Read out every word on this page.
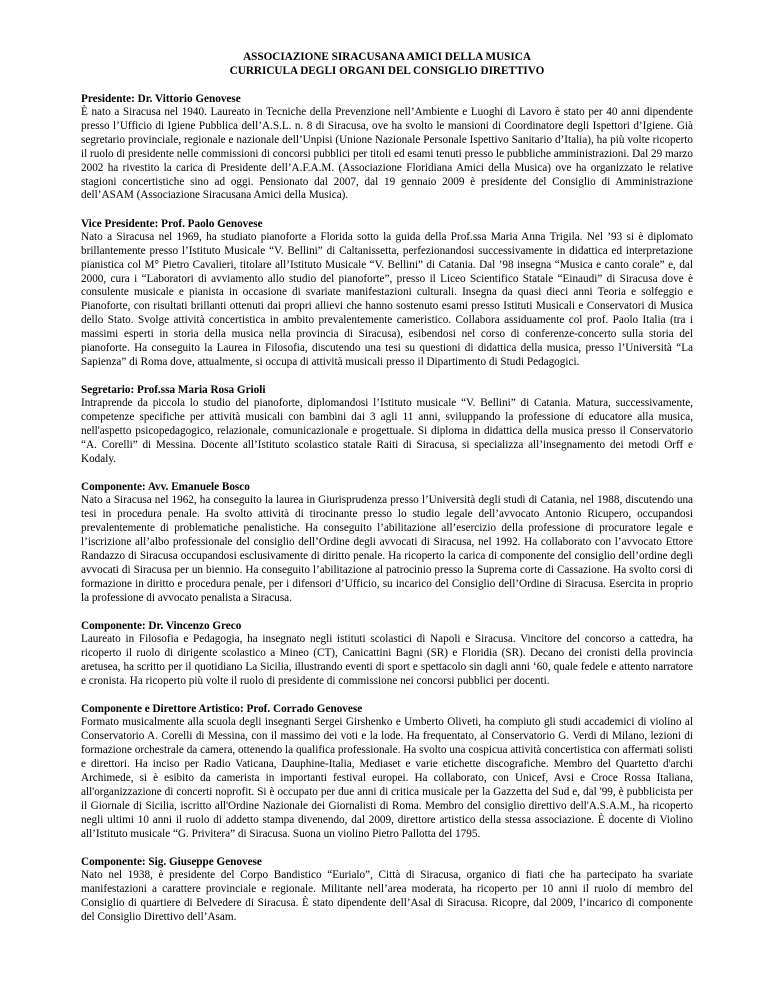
ASSOCIAZIONE SIRACUSANA AMICI DELLA MUSICA

CURRICULA DEGLI ORGANI DEL CONSIGLIO DIRETTIVO

Presidente: Dr. Vittorio Genovese

È nato a Siracusa nel 1940. Laureato in Tecniche della Prevenzione nell’Ambiente e Luoghi di Lavoro è stato per 40 anni dipendente presso l’Ufficio di Igiene Pubblica dell’A.S.L. n. 8 di Siracusa, ove ha svolto le mansioni di Coordinatore degli Ispettori d’Igiene. Già segretario provinciale, regionale e nazionale dell’Unpisi (Unione Nazionale Personale Ispettivo Sanitario d’Italia), ha più volte ricoperto il ruolo di presidente nelle commissioni di concorsi pubblici per titoli ed esami tenuti presso le pubbliche amministrazioni. Dal 29 marzo 2002 ha rivestito la carica di Presidente dell’A.F.A.M. (Associazione Floridiana Amici della Musica) ove ha organizzato le relative stagioni concertistiche sino ad oggi. Pensionato dal 2007, dal 19 gennaio 2009 è presidente del Consiglio di Amministrazione dell’ASAM (Associazione Siracusana Amici della Musica).

Vice Presidente: Prof. Paolo Genovese

Nato a Siracusa nel 1969, ha studiato pianoforte a Florida sotto la guida della Prof.ssa Maria Anna Trigila. Nel ’93 si è diplomato brillantemente presso l’Istituto Musicale “V. Bellini” di Caltanissetta, perfezionandosi successivamente in didattica ed interpretazione pianistica col M° Pietro Cavalieri, titolare all’Istituto Musicale “V. Bellini” di Catania. Dal ’98 insegna “Musica e canto corale” e, dal 2000, cura i “Laboratori di avviamento allo studio del pianoforte”, presso il Liceo Scientifico Statale “Einaudi” di Siracusa dove è consulente musicale e pianista in occasione di svariate manifestazioni culturali. Insegna da quasi dieci anni Teoria e solfeggio e Pianoforte, con risultati brillanti ottenuti dai propri allievi che hanno sostenuto esami presso Istituti Musicali e Conservatori di Musica dello Stato. Svolge attività concertistica in ambito prevalentemente cameristico. Collabora assiduamente col prof. Paolo Italia (tra i massimi esperti in storia della musica nella provincia di Siracusa), esibendosi nel corso di conferenze-concerto sulla storia del pianoforte. Ha conseguito la Laurea in Filosofia, discutendo una tesi su questioni di didattica della musica, presso l’Università “La Sapienza” di Roma dove, attualmente, si occupa di attività musicali presso il Dipartimento di Studi Pedagogici.

Segretario: Prof.ssa Maria Rosa Grioli

Intraprende da piccola lo studio del pianoforte, diplomandosi l’Istituto musicale “V. Bellini” di Catania. Matura, successivamente, competenze specifiche per attività musicali con bambini dai 3 agli 11 anni, sviluppando la professione di educatore alla musica, nell'aspetto psicopedagogico, relazionale, comunicazionale e progettuale. Si diploma in didattica della musica presso il Conservatorio “A. Corelli” di Messina. Docente all’Istituto scolastico statale Raiti di Siracusa, si specializza all’insegnamento dei metodi Orff e Kodaly.

Componente: Avv. Emanuele Bosco

Nato a Siracusa nel 1962, ha conseguito la laurea in Giurisprudenza presso l’Università degli studi di Catania, nel 1988, discutendo una tesi in procedura penale. Ha svolto attività di tirocinante presso lo studio legale dell’avvocato Antonio Ricupero, occupandosi prevalentemente di problematiche penalistiche. Ha conseguito l’abilitazione all’esercizio della professione di procuratore legale e l’iscrizione all’albo professionale del consiglio dell’Ordine degli avvocati di Siracusa, nel 1992. Ha collaborato con l’avvocato Ettore Randazzo di Siracusa occupandosi esclusivamente di diritto penale. Ha ricoperto la carica di componente del consiglio dell’ordine degli avvocati di Siracusa per un biennio. Ha conseguito l’abilitazione al patrocinio presso la Suprema corte di Cassazione. Ha svolto corsi di formazione in diritto e procedura penale, per i difensori d’Ufficio, su incarico del Consiglio dell’Ordine di Siracusa. Esercita in proprio la professione di avvocato penalista a Siracusa.

Componente: Dr. Vincenzo Greco

Laureato in Filosofia e Pedagogia, ha insegnato negli istituti scolastici di Napoli e Siracusa. Vincitore del concorso a cattedra, ha ricoperto il ruolo di dirigente scolastico a Mineo (CT), Canicattini Bagni (SR) e Floridia (SR). Decano dei cronisti della provincia aretusea, ha scritto per il quotidiano La Sicilia, illustrando eventi di sport e spettacolo sin dagli anni ‘60, quale fedele e attento narratore e cronista. Ha ricoperto più volte il ruolo di presidente di commissione nei concorsi pubblici per docenti.

Componente e Direttore Artistico: Prof. Corrado Genovese

Formato musicalmente alla scuola degli insegnanti Sergei Girshenko e Umberto Oliveti, ha compiuto gli studi accademici di violino al Conservatorio A. Corelli di Messina, con il massimo dei voti e la lode. Ha frequentato, al Conservatorio G. Verdi di Milano, lezioni di formazione orchestrale da camera, ottenendo la qualifica professionale. Ha svolto una cospicua attività concertistica con affermati solisti e direttori. Ha inciso per Radio Vaticana, Dauphine-Italia, Mediaset e varie etichette discografiche. Membro del Quartetto d'archi Archimede, si è esibito da camerista in importanti festival europei. Ha collaborato, con Unicef, Avsi e Croce Rossa Italiana, all'organizzazione di concerti noprofit. Si è occupato per due anni di critica musicale per la Gazzetta del Sud e, dal '99, è pubblicista per il Giornale di Sicilia, iscritto all'Ordine Nazionale dei Giornalisti di Roma. Membro del consiglio direttivo dell'A.S.A.M., ha ricoperto negli ultimi 10 anni il ruolo di addetto stampa divenendo, dal 2009, direttore artistico della stessa associazione. È docente di Violino all’Istituto musicale “G. Privitera” di Siracusa. Suona un violino Pietro Pallotta del 1795.

Componente: Sig. Giuseppe Genovese

Nato nel 1938, è presidente del Corpo Bandistico “Eurialo”, Città di Siracusa, organico di fiati che ha partecipato ha svariate manifestazioni a carattere provinciale e regionale. Militante nell’area moderata, ha ricoperto per 10 anni il ruolo di membro del Consiglio di quartiere di Belvedere di Siracusa. È stato dipendente dell’Asal di Siracusa. Ricopre, dal 2009, l’incarico di componente del Consiglio Direttivo dell’Asam.
